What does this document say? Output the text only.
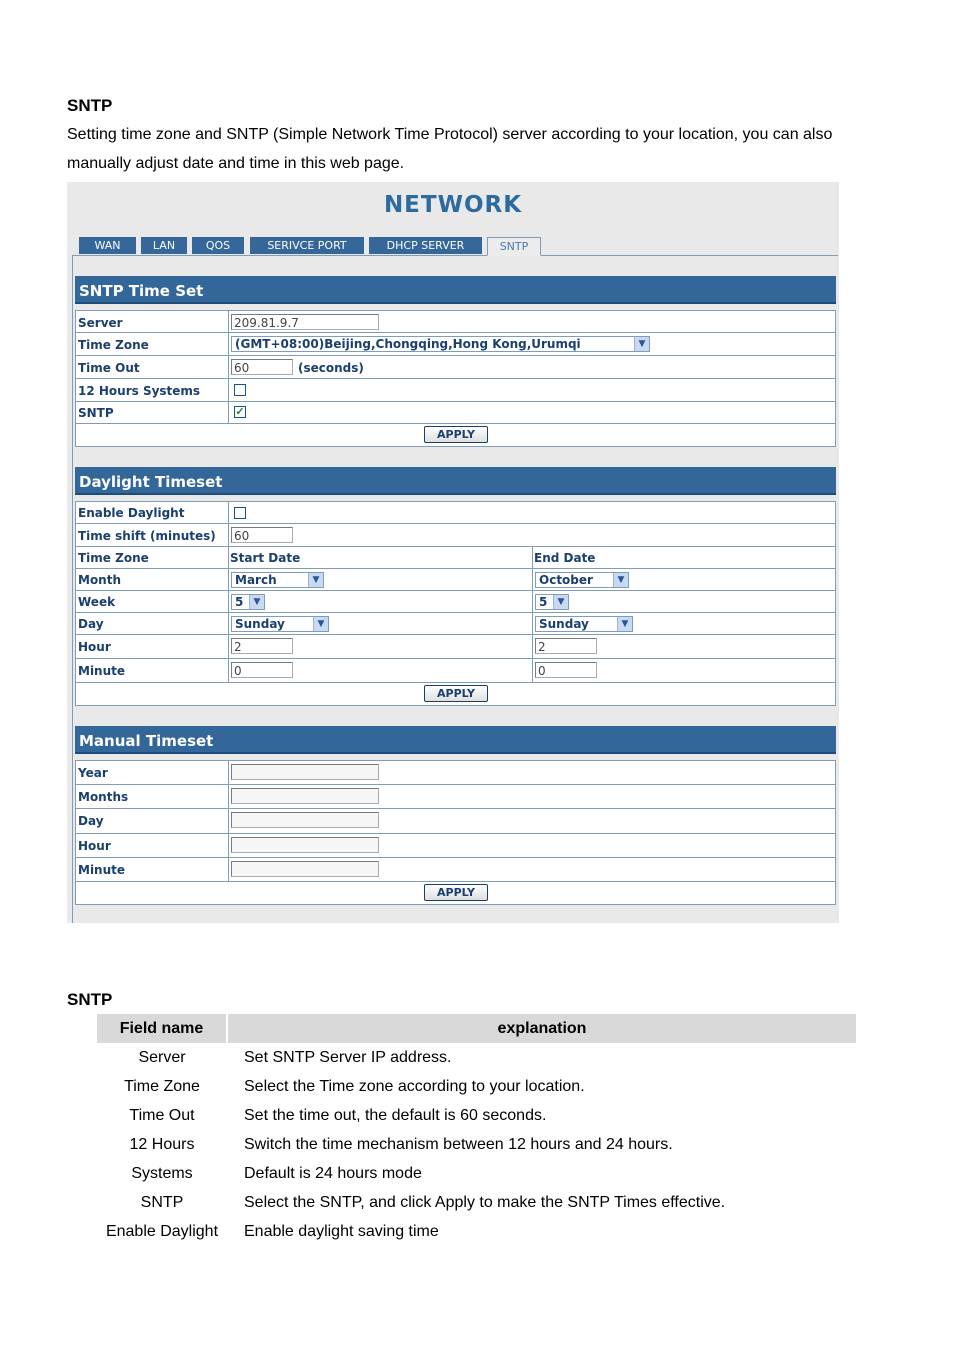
SNTP
Setting time zone and SNTP (Simple Network Time Protocol) server according to your location, you can also manually adjust date and time in this web page.
NETWORK
WAN	LAN	QOS	SERIVCE PORT	DHCP SERVER	SNTP
SNTP Time Set
Server	209.81.9.7
Time Zone	(GMT+08:00)Beijing,Chongqing,Hong Kong,Urumqi	▼
Time Out	60	(seconds)
12 Hours Systems
SNTP	✓
APPLY
Daylight Timeset
Enable Daylight
Time shift (minutes) 60
Time Zone	Start Date	End Date
Month	March	▼	October	▼
Week	5	▼	5	▼
Day	Sunday	▼	Sunday	▼
Hour	2	2
Minute	0	0
APPLY
Manual Timeset
Year
Months
Day
Hour
Minute
APPLY
SNTP
Field name	explanation
Server	Set SNTP Server IP address.
Time Zone	Select the Time zone according to your location.
Time Out	Set the time out, the default is 60 seconds.
12 Hours	Switch the time mechanism between 12 hours and 24 hours.
Systems	Default is 24 hours mode
SNTP	Select the SNTP, and click Apply to make the SNTP Times effective.
Enable Daylight	Enable daylight saving time
